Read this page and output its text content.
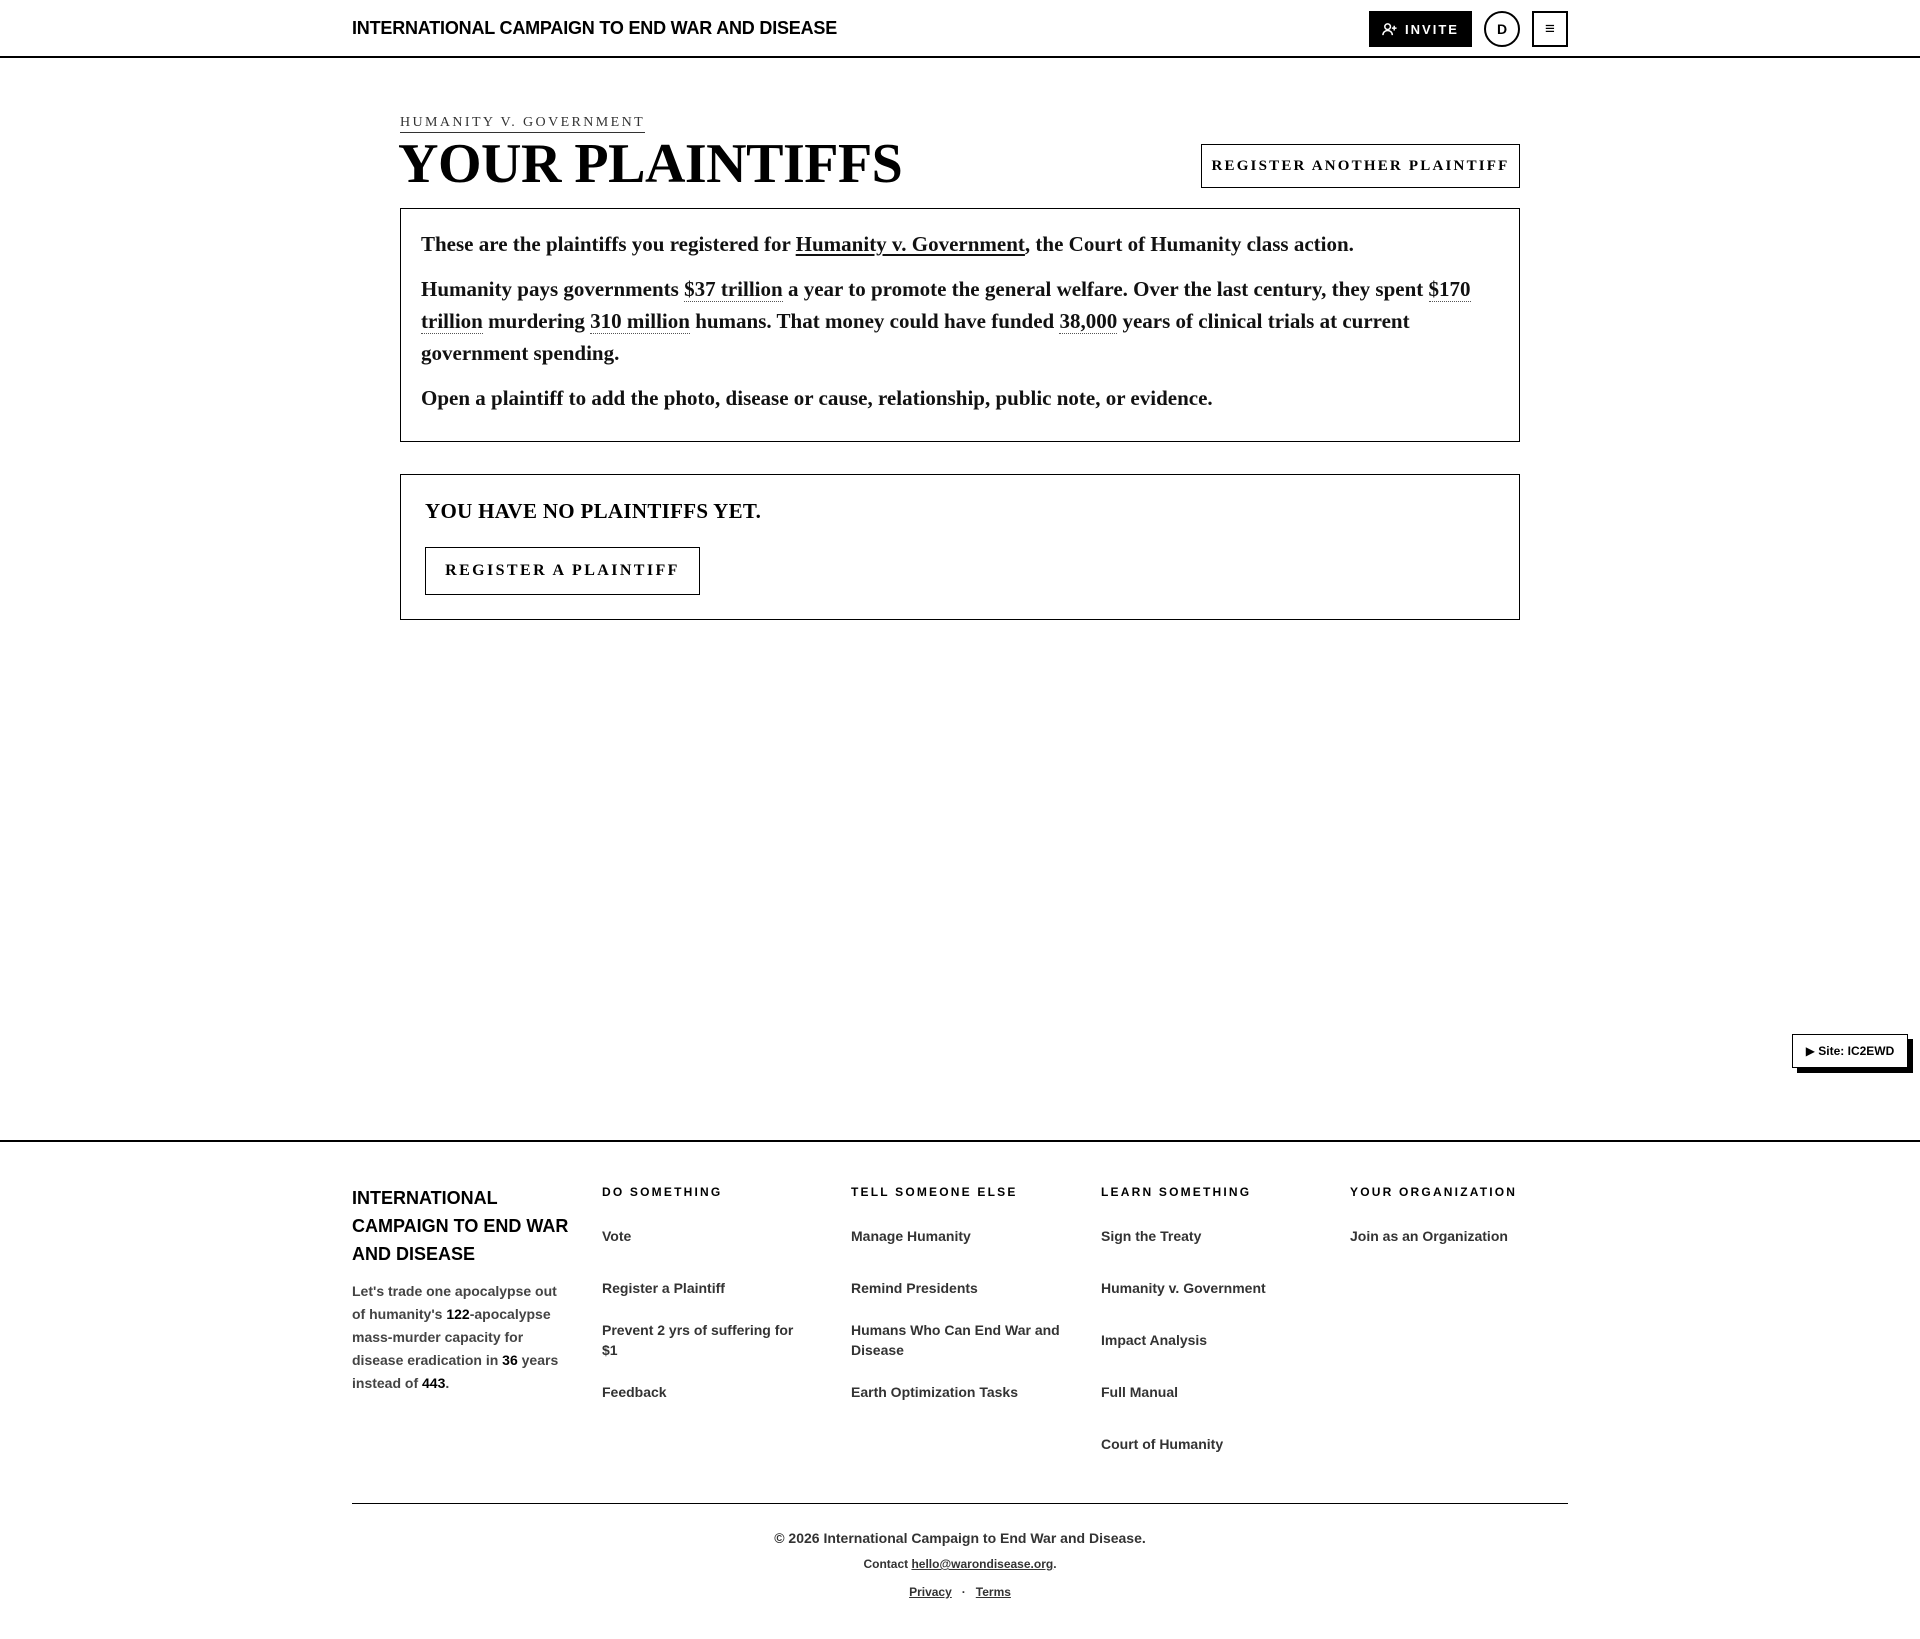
INTERNATIONAL CAMPAIGN TO END WAR AND DISEASE	INVITE	D	≡
HUMANITY V. GOVERNMENT
YOUR PLAINTIFFS	REGISTER ANOTHER PLAINTIFF

These are the plaintiffs you registered for Humanity v. Government, the Court of Humanity class action.

Humanity pays governments $37 trillion a year to promote the general welfare. Over the last century, they spent $170 trillion murdering 310 million humans. That money could have funded 38,000 years of clinical trials at current government spending.

Open a plaintiff to add the photo, disease or cause, relationship, public note, or evidence.

YOU HAVE NO PLAINTIFFS YET.
REGISTER A PLAINTIFF
▶ Site: IC2EWD
INTERNATIONAL CAMPAIGN TO END WAR AND DISEASE
Let's trade one apocalypse out of humanity's 122-apocalypse mass-murder capacity for disease eradication in 36 years instead of 443.
DO SOMETHING
Vote
Register a Plaintiff
Prevent 2 yrs of suffering for $1
Feedback
TELL SOMEONE ELSE
Manage Humanity
Remind Presidents
Humans Who Can End War and Disease
Earth Optimization Tasks
LEARN SOMETHING
Sign the Treaty
Humanity v. Government
Impact Analysis
Full Manual
Court of Humanity
YOUR ORGANIZATION
Join as an Organization
© 2026 International Campaign to End War and Disease.
Contact hello@warondisease.org.
Privacy · Terms
